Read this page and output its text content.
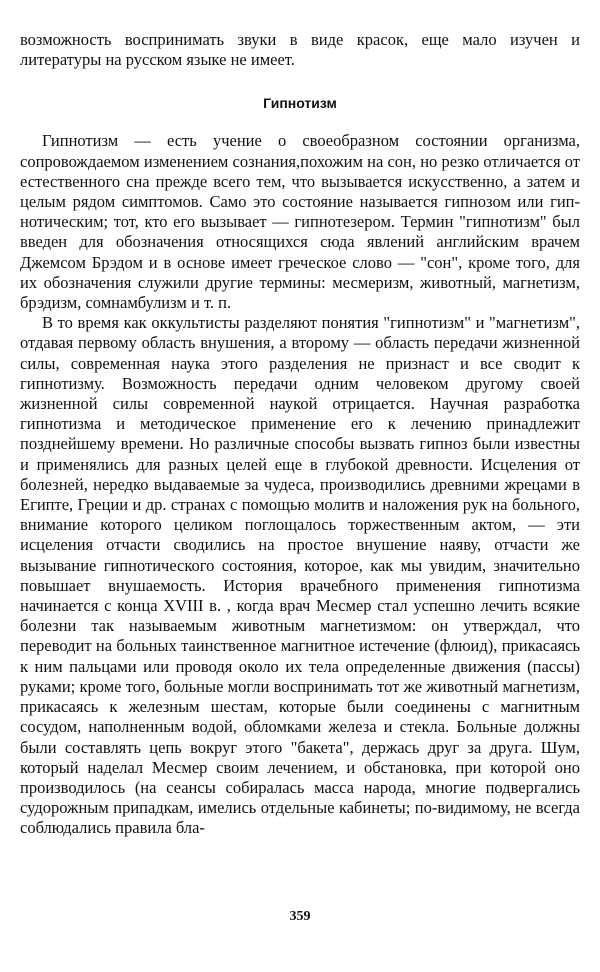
возможность воспринимать звуки в виде красок, еще мало изучен и литературы на русском языке не имеет.

Гипнотизм

Гипнотизм — есть учение о своеобразном состоянии организма, сопровождаемом изменением сознания,похожим на сон, но резко отличается от естественного сна прежде всего тем, что вызывается искусственно, а затем и целым рядом симптомов. Само это состояние называется гипнозом или гипнотическим; тот, кто его вызывает — гипнотезером. Термин "гипнотизм" был введен для обозначения относящихся сюда явлений английским врачем Джемсом Брэдом и в основе имеет греческое слово — "сон", кроме того, для их обозначения служили другие термины: месмеризм, животный, магнетизм, брэдизм, сомнамбулизм и т. п.

В то время как оккультисты разделяют понятия "гипнотизм" и "магнетизм", отдавая первому область внушения, а второму — область передачи жизненной силы, современная наука этого разделения не признаст и все сводит к гипнотизму. Возможность передачи одним человеком другому своей жизненной силы современной наукой отрицается. Научная разработка гипнотизма и методическое применение его к лечению принадлежит позднейшему времени. Но различные способы вызвать гипноз были известны и применялись для разных целей еще в глубокой древности. Исцеления от болезней, нередко выдаваемые за чудеса, производились древними жрецами в Египте, Греции и др. странах с помощью молитв и наложения рук на больного, внимание которого целиком поглощалось торжественным актом, — эти исцеления отчасти сводились на простое внушение наяву, отчасти же вызывание гипнотического состояния, которое, как мы увидим, значительно повышает внушаемость. История врачебного применения гипнотизма начинается с конца XVIII в. , когда врач Месмер стал успешно лечить всякие болезни так называемым животным магнетизмом: он утверждал, что переводит на больных таинственное магнитное истечение (флюид), прикасаясь к ним пальцами или проводя около их тела определенные движения (пассы) руками; кроме того, больные могли воспринимать тот же животный магнетизм, прикасаясь к железным шестам, которые были соединены с магнитным сосудом, наполненным водой, обломками железа и стекла. Больные должны были составлять цепь вокруг этого "бакета", держась друг за друга. Шум, который наделал Месмер своим лечением, и обстановка, при которой оно производилось (на сеансы собиралась масса народа, многие подвергались судорожным припадкам, имелись отдельные кабинеты; по-видимому, не всегда соблюдались правила бла-

359
